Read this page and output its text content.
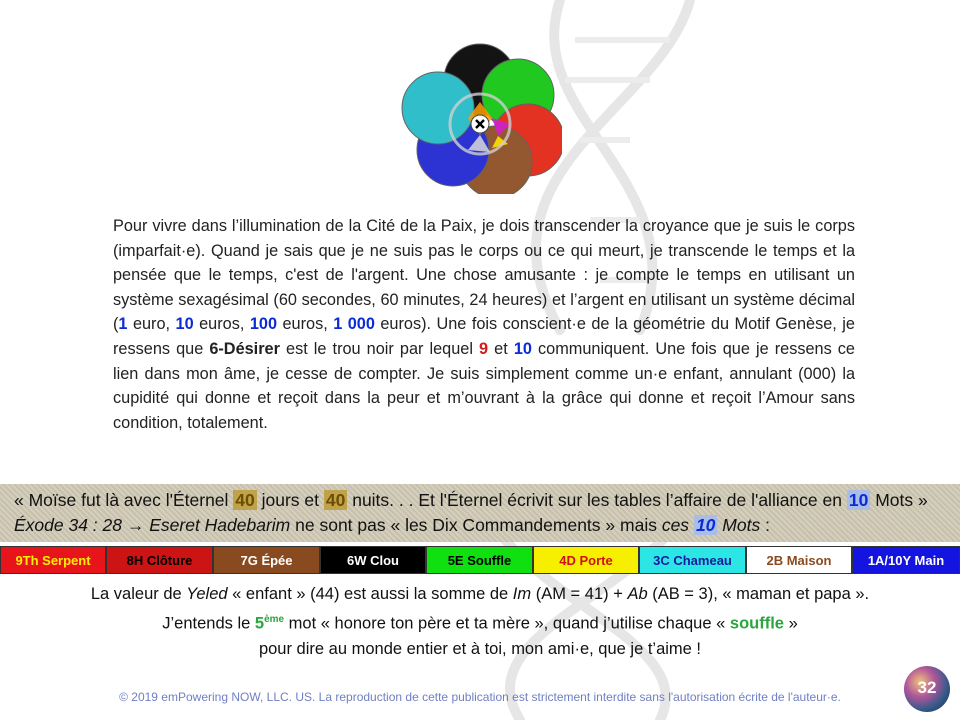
Pour vivre dans l’illumination de la Cité de la Paix, je dois transcender la croyance que je suis le corps (imparfait·e). Quand je sais que je ne suis pas le corps ou ce qui meurt, je transcende le temps et la pensée que le temps, c'est de l'argent. Une chose amusante : je compte le temps en utilisant un système sexagésimal (60 secondes, 60 minutes, 24 heures) et l’argent en utilisant un système décimal (1 euro, 10 euros, 100 euros, 1 000 euros). Une fois conscient·e de la géométrie du Motif Genèse, je ressens que 6-Désirer est le trou noir par lequel 9 et 10 communiquent. Une fois que je ressens ce lien dans mon âme, je cesse de compter. Je suis simplement comme un·e enfant, annulant (000) la cupidité qui donne et reçoit dans la peur et m’ouvrant à la grâce qui donne et reçoit l’Amour sans condition, totalement.
« Moïse fut là avec l'Éternel 40 jours et 40 nuits. . . Et l'Éternel écrivit sur les tables l’affaire de l'alliance en 10 Mots » Éxode 34 : 28 → Eseret Hadebarim ne sont pas « les Dix Commandements » mais ces 10 Mots :
9Th Serpent	8H Clôture	7G Épée	6W Clou	5E Souffle	4D Porte	3C Chameau	2B Maison	1A/10Y Main
La valeur de Yeled « enfant » (44) est aussi la somme de Im (AM = 41) + Ab (AB = 3), « maman et papa ».
J’entends le 5ème mot « honore ton père et ta mère », quand j’utilise chaque « souffle »
pour dire au monde entier et à toi, mon ami·e, que je t’aime !
© 2019 emPowering NOW, LLC. US. La reproduction de cette publication est strictement interdite sans l'autorisation écrite de l'auteur·e.	32
